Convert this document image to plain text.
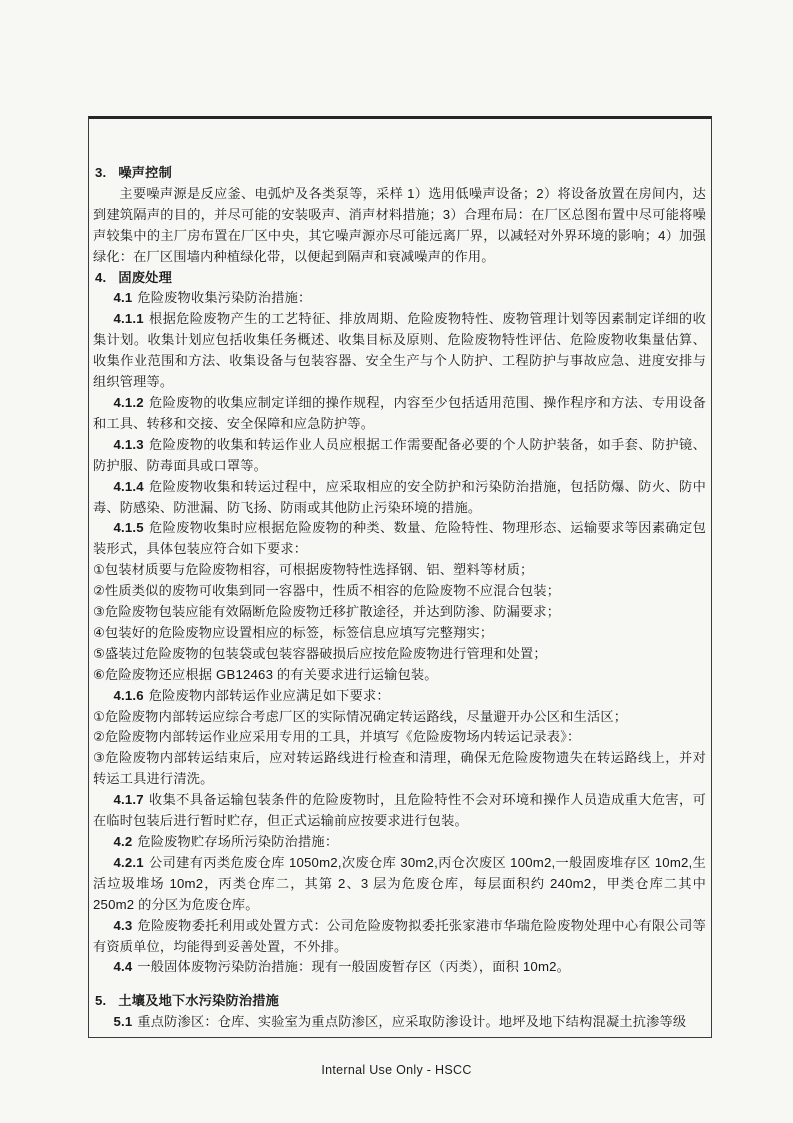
3. 噪声控制

主要噪声源是反应釜、电弧炉及各类泵等，采样 1）选用低噪声设备；2）将设备放置在房间内，达到建筑隔声的目的，并尽可能的安装吸声、消声材料措施；3）合理布局：在厂区总图布置中尽可能将噪声较集中的主厂房布置在厂区中央，其它噪声源亦尽可能远离厂界，以减轻对外界环境的影响；4）加强绿化：在厂区围墙内种植绿化带，以便起到隔声和衰减噪声的作用。

4. 固废处理

4.1 危险废物收集污染防治措施：

4.1.1 根据危险废物产生的工艺特征、排放周期、危险废物特性、废物管理计划等因素制定详细的收集计划。收集计划应包括收集任务概述、收集目标及原则、危险废物特性评估、危险废物收集量估算、收集作业范围和方法、收集设备与包装容器、安全生产与个人防护、工程防护与事故应急、进度安排与组织管理等。

4.1.2 危险废物的收集应制定详细的操作规程，内容至少包括适用范围、操作程序和方法、专用设备和工具、转移和交接、安全保障和应急防护等。

4.1.3 危险废物的收集和转运作业人员应根据工作需要配备必要的个人防护装备，如手套、防护镜、防护服、防毒面具或口罩等。

4.1.4 危险废物收集和转运过程中，应采取相应的安全防护和污染防治措施，包括防爆、防火、防中毒、防感染、防泄漏、防飞扬、防雨或其他防止污染环境的措施。

4.1.5 危险废物收集时应根据危险废物的种类、数量、危险特性、物理形态、运输要求等因素确定包装形式，具体包装应符合如下要求：

①包装材质要与危险废物相容，可根据废物特性选择钢、铝、塑料等材质；

②性质类似的废物可收集到同一容器中，性质不相容的危险废物不应混合包装；

③危险废物包装应能有效隔断危险废物迁移扩散途径，并达到防渗、防漏要求；

④包装好的危险废物应设置相应的标签，标签信息应填写完整翔实；

⑤盛装过危险废物的包装袋或包装容器破损后应按危险废物进行管理和处置；

⑥危险废物还应根据 GB12463 的有关要求进行运输包装。

4.1.6 危险废物内部转运作业应满足如下要求：

①危险废物内部转运应综合考虑厂区的实际情况确定转运路线，尽量避开办公区和生活区；

②危险废物内部转运作业应采用专用的工具，并填写《危险废物场内转运记录表》：

③危险废物内部转运结束后，应对转运路线进行检查和清理，确保无危险废物遗失在转运路线上，并对转运工具进行清洗。

4.1.7 收集不具备运输包装条件的危险废物时，且危险特性不会对环境和操作人员造成重大危害，可在临时包装后进行暂时贮存，但正式运输前应按要求进行包装。

4.2 危险废物贮存场所污染防治措施：

4.2.1 公司建有丙类危废仓库 1050m2,次废仓库 30m2,丙仓次废区 100m2,一般固废堆存区 10m2,生活垃圾堆场 10m2，丙类仓库二，其第 2、3 层为危废仓库，每层面积约 240m2，甲类仓库二其中 250m2 的分区为危废仓库。

4.3 危险废物委托利用或处置方式：公司危险废物拟委托张家港市华瑞危险废物处理中心有限公司等有资质单位，均能得到妥善处置，不外排。

4.4 一般固体废物污染防治措施：现有一般固废暂存区（丙类），面积 10m2。

5. 土壤及地下水污染防治措施

5.1 重点防渗区：仓库、实验室为重点防渗区，应采取防渗设计。地坪及地下结构混凝土抗渗等级

Internal Use Only - HSCC
